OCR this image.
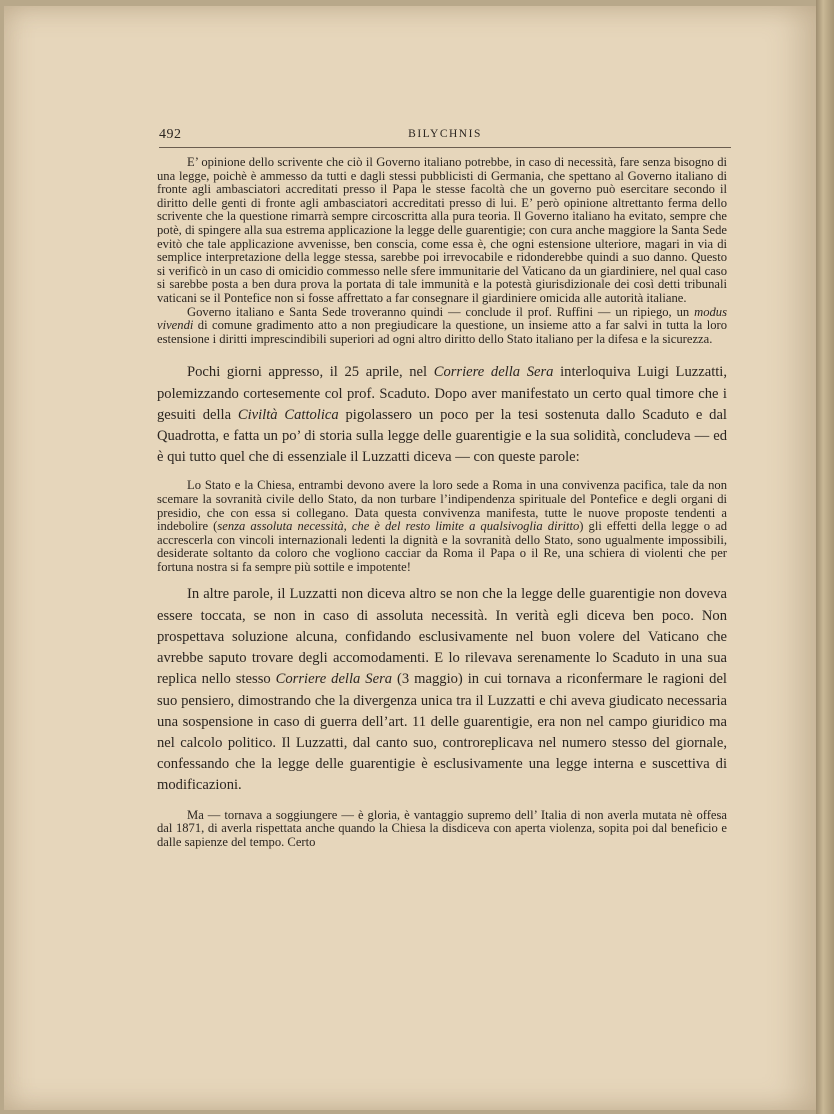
492	BILYCHNIS

E’ opinione dello scrivente che ciò il Governo italiano potrebbe, in caso di necessità, fare senza bisogno di una legge, poichè è ammesso da tutti e dagli stessi pubblicisti di Germania, che spettano al Governo italiano di fronte agli ambasciatori accreditati presso il Papa le stesse facoltà che un governo può esercitare secondo il diritto delle genti di fronte agli ambasciatori accreditati presso di lui. E’ però opinione altrettanto ferma dello scrivente che la questione rimarrà sempre circoscritta alla pura teoria. Il Governo italiano ha evitato, sempre che potè, di spingere alla sua estrema applicazione la legge delle guarentigie; con cura anche maggiore la Santa Sede evitò che tale applicazione avvenisse, ben conscia, come essa è, che ogni estensione ulteriore, magari in via di semplice interpretazione della legge stessa, sarebbe poi irrevocabile e ridonderebbe quindi a suo danno. Questo si verificò in un caso di omicidio commesso nelle sfere immunitarie del Vaticano da un giardiniere, nel qual caso si sarebbe posta a ben dura prova la portata di tale immunità e la potestà giurisdizionale dei così detti tribunali vaticani se il Pontefice non si fosse affrettato a far consegnare il giardiniere omicida alle autorità italiane.

Governo italiano e Santa Sede troveranno quindi — conclude il prof. Ruffini — un ripiego, un modus vivendi di comune gradimento atto a non pregiudicare la questione, un insieme atto a far salvi in tutta la loro estensione i diritti imprescindibili superiori ad ogni altro diritto dello Stato italiano per la difesa e la sicurezza.

Pochi giorni appresso, il 25 aprile, nel Corriere della Sera interloquiva Luigi Luzzatti, polemizzando cortesemente col prof. Scaduto. Dopo aver manifestato un certo qual timore che i gesuiti della Civiltà Cattolica pigolassero un poco per la tesi sostenuta dallo Scaduto e dal Quadrotta, e fatta un po’ di storia sulla legge delle guarentigie e la sua solidità, concludeva — ed è qui tutto quel che di essenziale il Luzzatti diceva — con queste parole:

Lo Stato e la Chiesa, entrambi devono avere la loro sede a Roma in una convivenza pacifica, tale da non scemare la sovranità civile dello Stato, da non turbare l’indipendenza spirituale del Pontefice e degli organi di presidio, che con essa si collegano. Data questa convivenza manifesta, tutte le nuove proposte tendenti a indebolire (senza assoluta necessità, che è del resto limite a qualsivoglia diritto) gli effetti della legge o ad accrescerla con vincoli internazionali ledenti la dignità e la sovranità dello Stato, sono ugualmente impossibili, desiderate soltanto da coloro che vogliono cacciar da Roma il Papa o il Re, una schiera di violenti che per fortuna nostra si fa sempre più sottile e impotente!

In altre parole, il Luzzatti non diceva altro se non che la legge delle guarentigie non doveva essere toccata, se non in caso di assoluta necessità. In verità egli diceva ben poco. Non prospettava soluzione alcuna, confidando esclusivamente nel buon volere del Vaticano che avrebbe saputo trovare degli accomodamenti. E lo rilevava serenamente lo Scaduto in una sua replica nello stesso Corriere della Sera (3 maggio) in cui tornava a riconfermare le ragioni del suo pensiero, dimostrando che la divergenza unica tra il Luzzatti e chi aveva giudicato necessaria una sospensione in caso di guerra dell’art. 11 delle guarentigie, era non nel campo giuridico ma nel calcolo politico. Il Luzzatti, dal canto suo, controreplicava nel numero stesso del giornale, confessando che la legge delle guarentigie è esclusivamente una legge interna e suscettiva di modificazioni.

Ma — tornava a soggiungere — è gloria, è vantaggio supremo dell’ Italia di non averla mutata nè offesa dal 1871, di averla rispettata anche quando la Chiesa la disdiceva con aperta violenza, sopita poi dal beneficio e dalle sapienze del tempo. Certo
